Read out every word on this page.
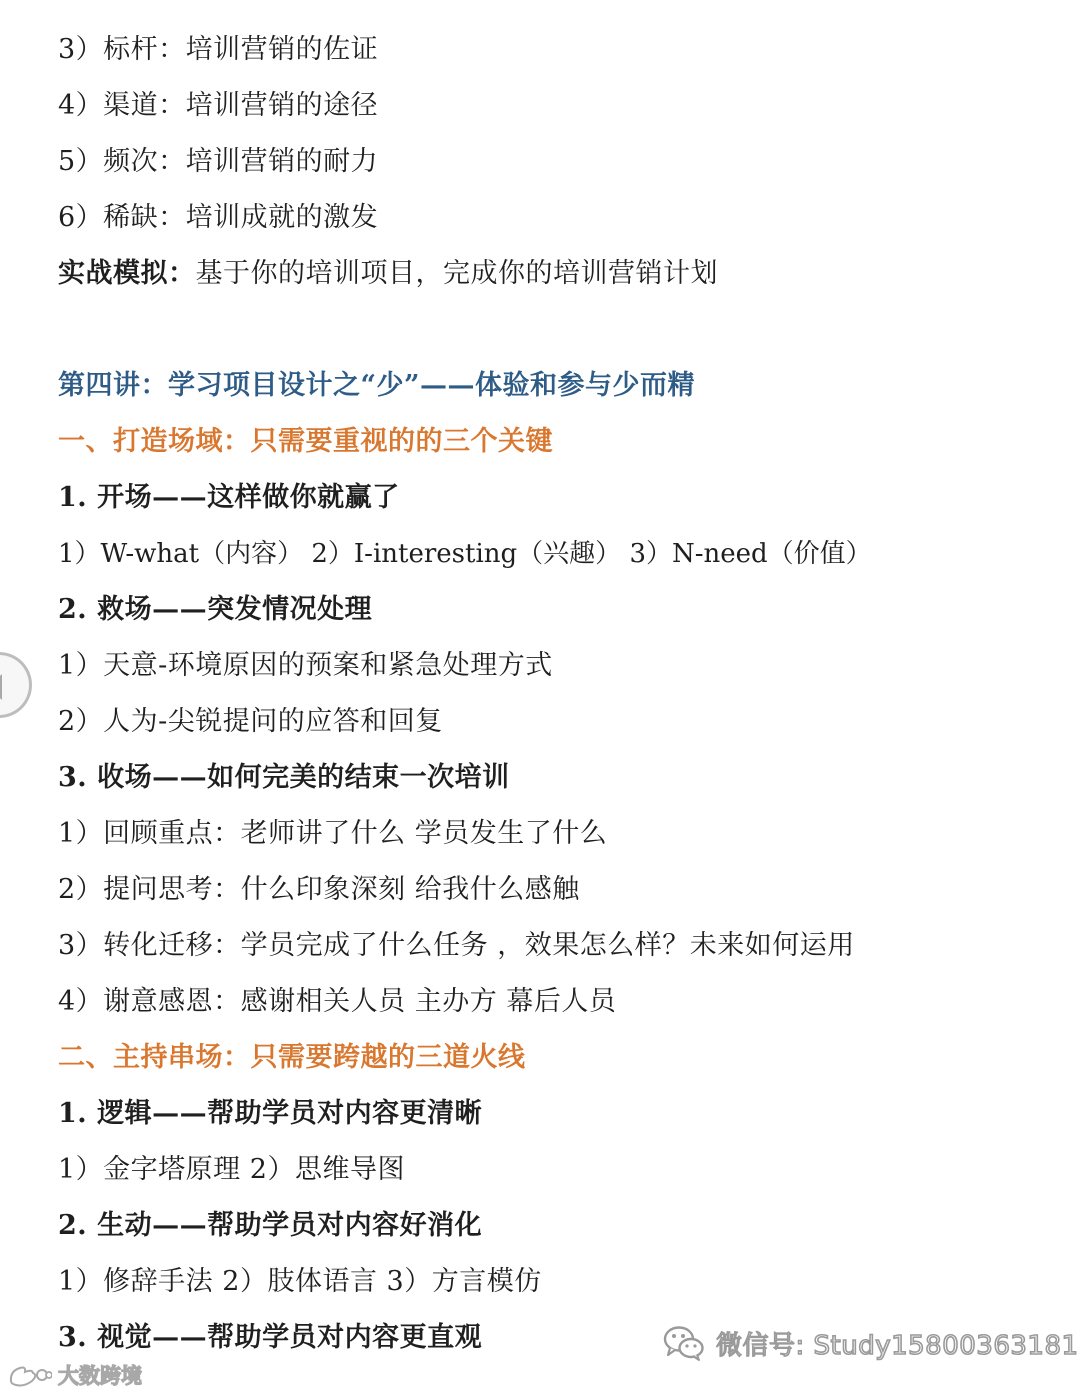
3）标杆：培训营销的佐证
4）渠道：培训营销的途径
5）频次：培训营销的耐力
6）稀缺：培训成就的激发
实战模拟：基于你的培训项目，完成你的培训营销计划
第四讲：学习项目设计之“少”——体验和参与少而精
一、打造场域：只需要重视的的三个关键
1. 开场——这样做你就赢了
1）W-what（内容） 2）I-interesting（兴趣） 3）N-need（价值）
2. 救场——突发情况处理
1）天意-环境原因的预案和紧急处理方式
2）人为-尖锐提问的应答和回复
3. 收场——如何完美的结束一次培训
1）回顾重点：老师讲了什么 学员发生了什么
2）提问思考：什么印象深刻 给我什么感触
3）转化迁移：学员完成了什么任务 ，效果怎么样？未来如何运用
4）谢意感恩：感谢相关人员 主办方 幕后人员
二、主持串场：只需要跨越的三道火线
1. 逻辑——帮助学员对内容更清晰
1）金字塔原理 2）思维导图
2. 生动——帮助学员对内容好消化
1）修辞手法 2）肢体语言 3）方言模仿
3. 视觉——帮助学员对内容更直观	微信号: Study15800363181
大数跨境
